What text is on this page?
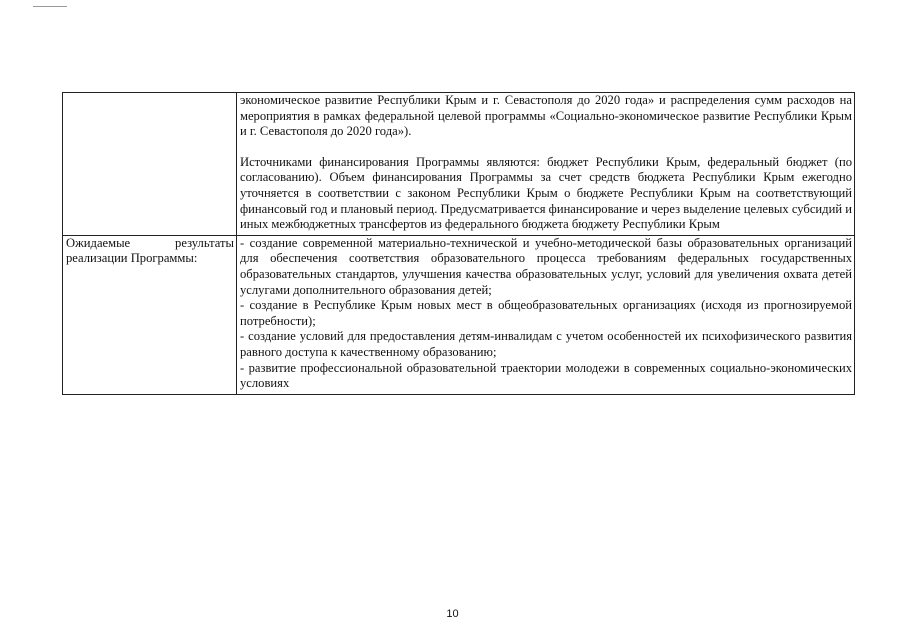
	экономическое развитие Республики Крым и г. Севастополя до 2020 года» и распределения сумм расходов на мероприятия в рамках федеральной целевой программы «Социально-экономическое развитие Республики Крым и г. Севастополя до 2020 года»).

Источниками финансирования Программы являются: бюджет Республики Крым, федеральный бюджет (по согласованию). Объем финансирования Программы за счет средств бюджета Республики Крым ежегодно уточняется в соответствии с законом Республики Крым о бюджете Республики Крым на соответствующий финансовый год и плановый период. Предусматривается финансирование и через выделение целевых субсидий и иных межбюджетных трансфертов из федерального бюджета бюджету Республики Крым

Ожидаемые результаты реализации Программы:	- создание современной материально-технической и учебно-методической базы образовательных организаций для обеспечения соответствия образовательного процесса требованиям федеральных государственных образовательных стандартов, улучшения качества образовательных услуг, условий для увеличения охвата детей услугами дополнительного образования детей;

- создание в Республике Крым новых мест в общеобразовательных организациях (исходя из прогнозируемой потребности);

- создание условий для предоставления детям-инвалидам с учетом особенностей их психофизического развития равного доступа к качественному образованию;

- развитие профессиональной образовательной траектории молодежи в современных социально-экономических условиях

10
